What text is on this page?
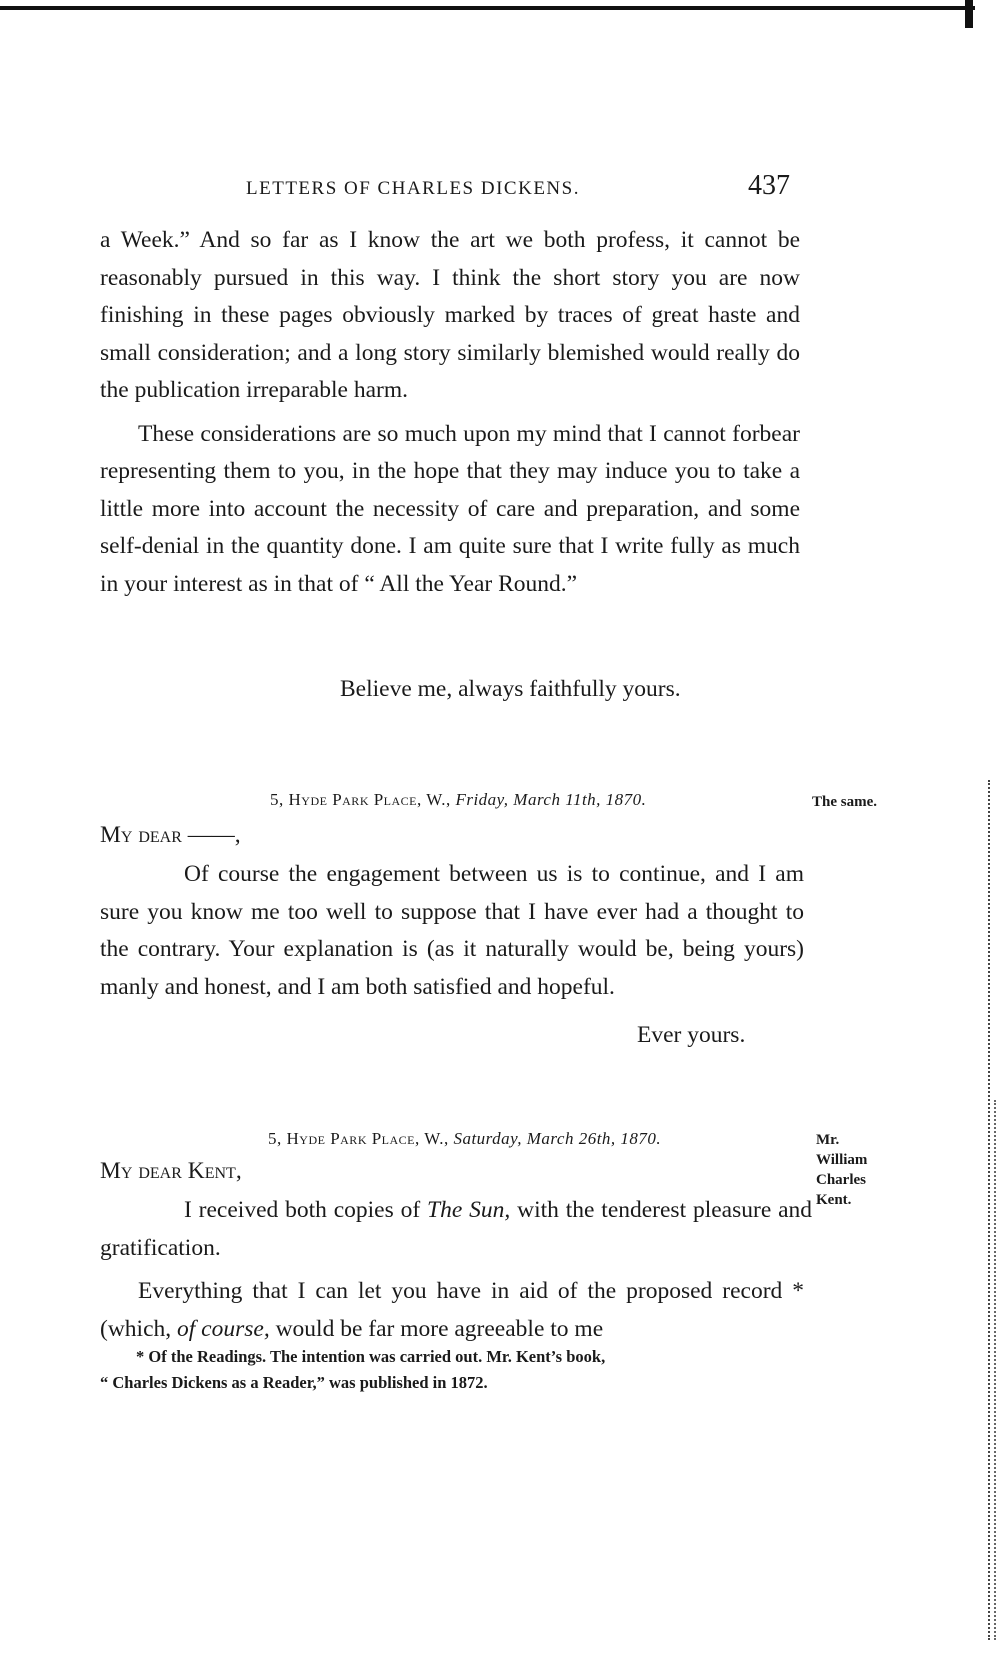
LETTERS OF CHARLES DICKENS.	437

a Week.” And so far as I know the art we both profess, it cannot be reasonably pursued in this way. I think the short story you are now finishing in these pages obviously marked by traces of great haste and small consideration; and a long story similarly blemished would really do the publication irreparable harm.

These considerations are so much upon my mind that I cannot forbear representing them to you, in the hope that they may induce you to take a little more into account the necessity of care and preparation, and some self-denial in the quantity done. I am quite sure that I write fully as much in your interest as in that of “ All the Year Round.”

Believe me, always faithfully yours.
5, Hyde Park Place, W., Friday, March 11th, 1870.	The same.
My dear ——,

Of course the engagement between us is to continue, and I am sure you know me too well to suppose that I have ever had a thought to the contrary. Your explanation is (as it naturally would be, being yours) manly and honest, and I am both satisfied and hopeful.

Ever yours.
5, Hyde Park Place, W., Saturday, March 26th, 1870.	Mr.
William
Charles
Kent.
My dear Kent,

I received both copies of The Sun, with the tenderest pleasure and gratification.

Everything that I can let you have in aid of the proposed record * (which, of course, would be far more agreeable to me

* Of the Readings. The intention was carried out. Mr. Kent’s book,

“ Charles Dickens as a Reader,” was published in 1872.
